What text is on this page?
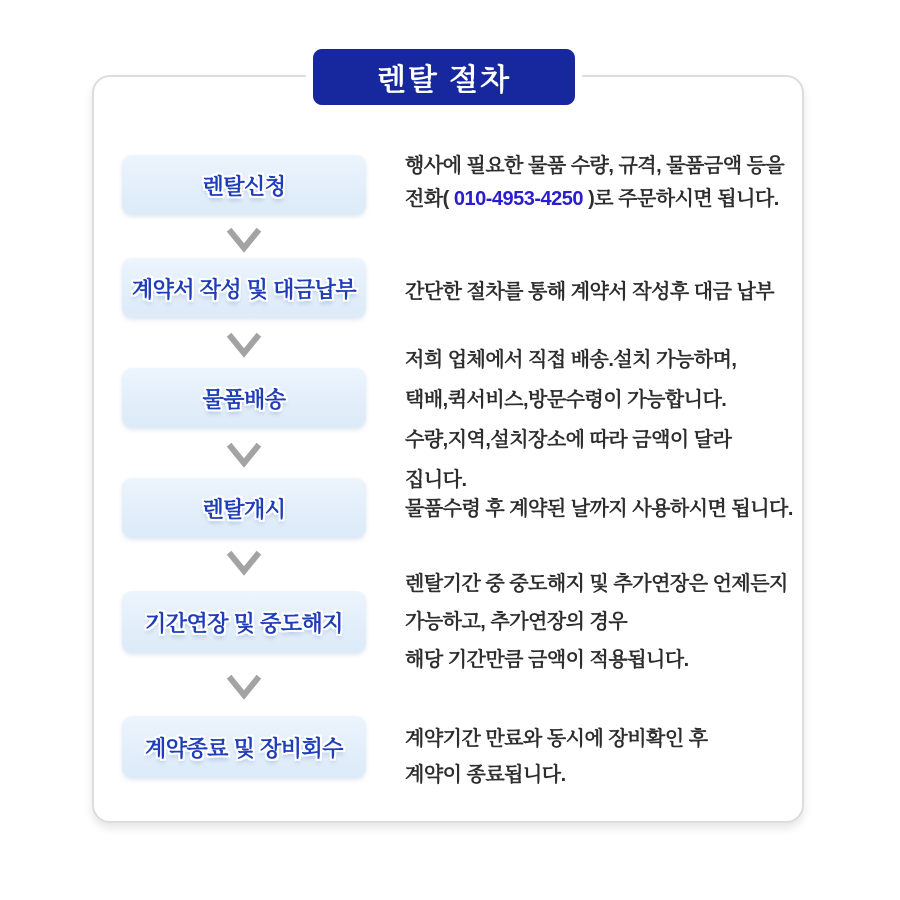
렌탈 절차
렌탈신청
행사에 필요한 물품 수량, 규격, 물품금액 등을
전화( 010-4953-4250 )로 주문하시면 됩니다.
계약서 작성 및 대금납부 간단한 절차를 통해 계약서 작성후 대금 납부
물품배송
저희 업체에서 직접 배송.설치 가능하며,
택배,퀵서비스,방문수령이 가능합니다.
수량,지역,설치장소에 따라 금액이 달라
집니다.
렌탈개시	물품수령 후 계약된 날까지 사용하시면 됩니다.
기간연장 및 중도해지
렌탈기간 중 중도해지 및 추가연장은 언제든지
가능하고, 추가연장의 경우
해당 기간만큼 금액이 적용됩니다.
계약종료 및 장비회수	계약기간 만료와 동시에 장비확인 후
계약이 종료됩니다.
